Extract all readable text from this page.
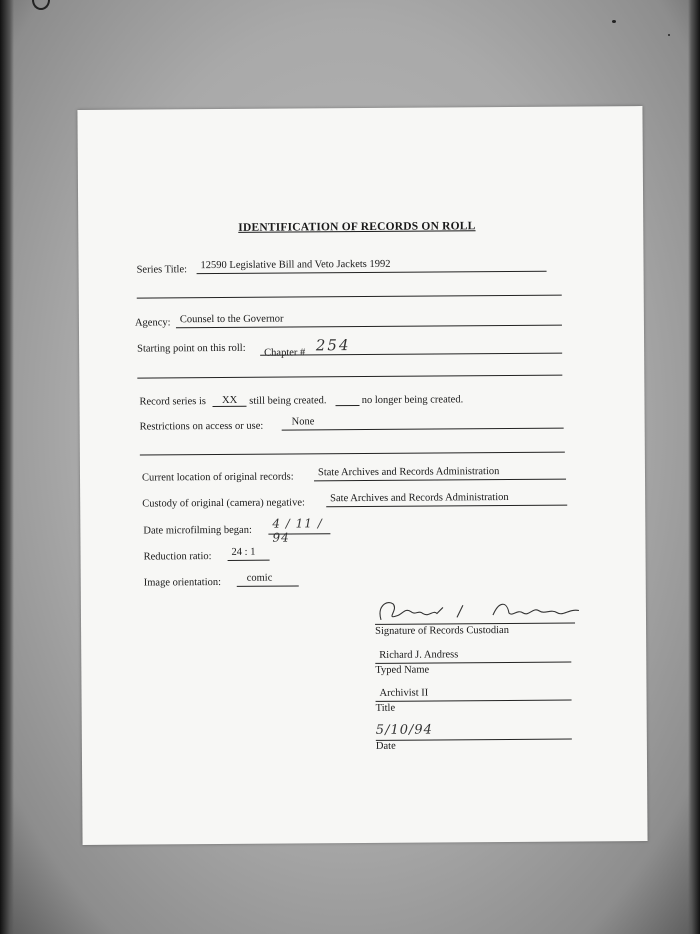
IDENTIFICATION OF RECORDS ON ROLL
Series Title:	12590 Legislative Bill and Veto Jackets 1992
Agency: Counsel to the Governor
Starting point on this roll:	Chapter # 254
Record series is XX still being created.	no longer being created.
Restrictions on access or use:	None
Current location of original records:	State Archives and Records Administration
Custody of original (camera) negative:	Sate Archives and Records Administration
Date microfilming began:
4 / 11 / 94
Reduction ratio:	24 : 1
Image orientation:	comic
Signature of Records Custodian
Richard J. Andress
Typed Name
Archivist II
Title
5/10/94
Date
